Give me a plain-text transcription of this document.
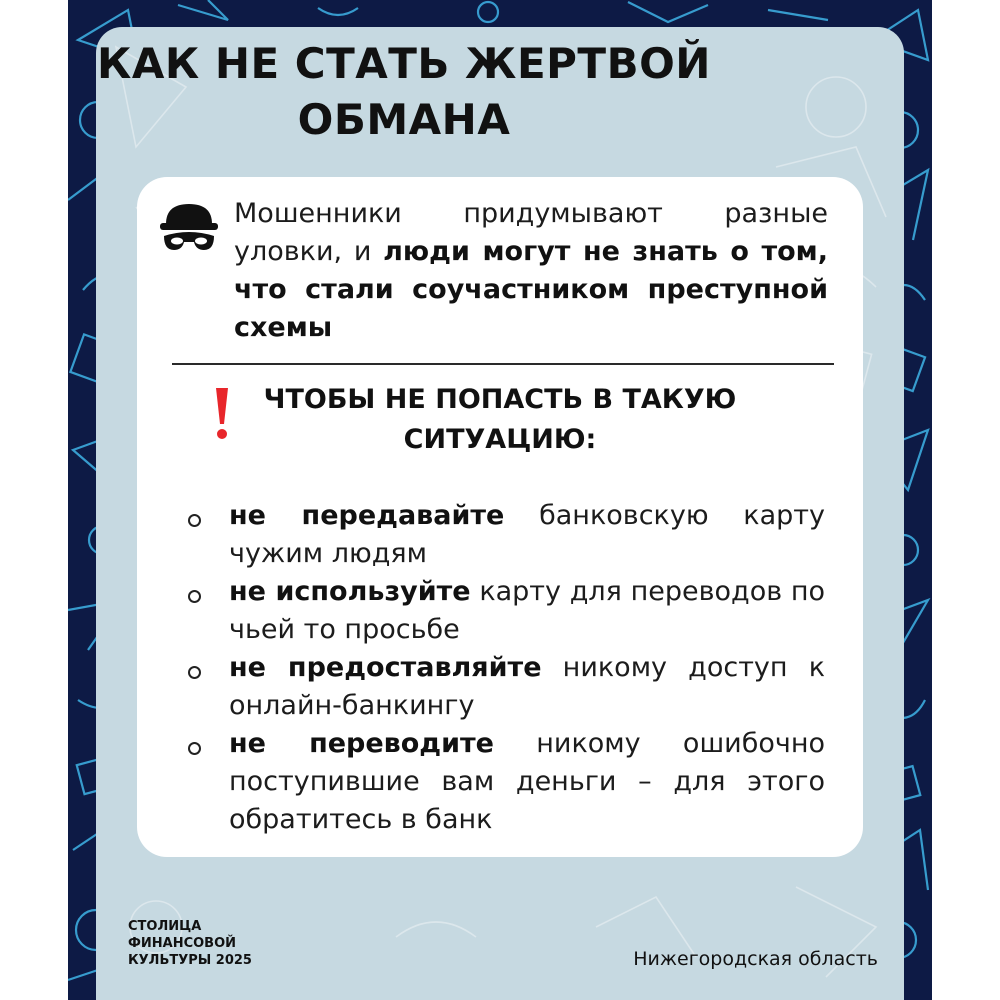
КАК НЕ СТАТЬ ЖЕРТВОЙ
ОБМАНА
Мошенники придумывают разные уловки, и люди могут не знать о том, что стали соучастником преступной схемы
ЧТОБЫ НЕ ПОПАСТЬ В ТАКУЮ
СИТУАЦИЮ:
не передавайте банковскую карту чужим людям
не используйте карту для переводов по чьей то просьбе
не предоставляйте никому доступ к онлайн-банкингу
не переводите никому ошибочно поступившие вам деньги – для этого обратитесь в банк
СТОЛИЦА
ФИНАНСОВОЙ
КУЛЬТУРЫ 2025	Нижегородская область
